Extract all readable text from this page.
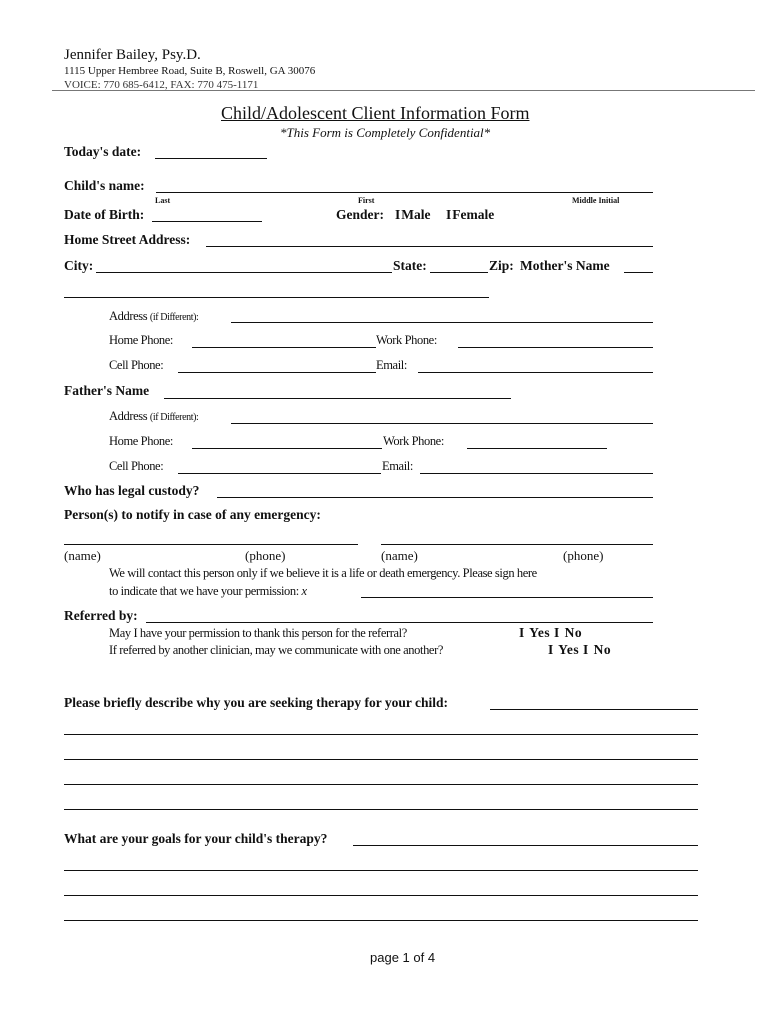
Jennifer Bailey, Psy.D.
1115 Upper Hembree Road, Suite B, Roswell, GA 30076
VOICE: 770 685-6412, FAX: 770 475-1171
Child/Adolescent Client Information Form
*This Form is Completely Confidential*
Today's date:
Child's name:
Last	First	Middle Initial
Date of Birth:	Gender: IMale IFemale
Home Street Address:
City:	State:	Zip: Mother's Name
Address (if Different):
Home Phone:	Work Phone:
Cell Phone:	Email:
Father's Name
Address (if Different):
Home Phone:	Work Phone:
Cell Phone:	Email:
Who has legal custody?
Person(s) to notify in case of any emergency:
(name)	(phone)	(name)	(phone)
We will contact this person only if we believe it is a life or death emergency. Please sign here
to indicate that we have your permission: x
Referred by:
May I have your permission to thank this person for the referral?	I Yes I No
If referred by another clinician, may we communicate with one another?	I Yes I No
Please briefly describe why you are seeking therapy for your child:
What are your goals for your child's therapy?
page 1 of 4
